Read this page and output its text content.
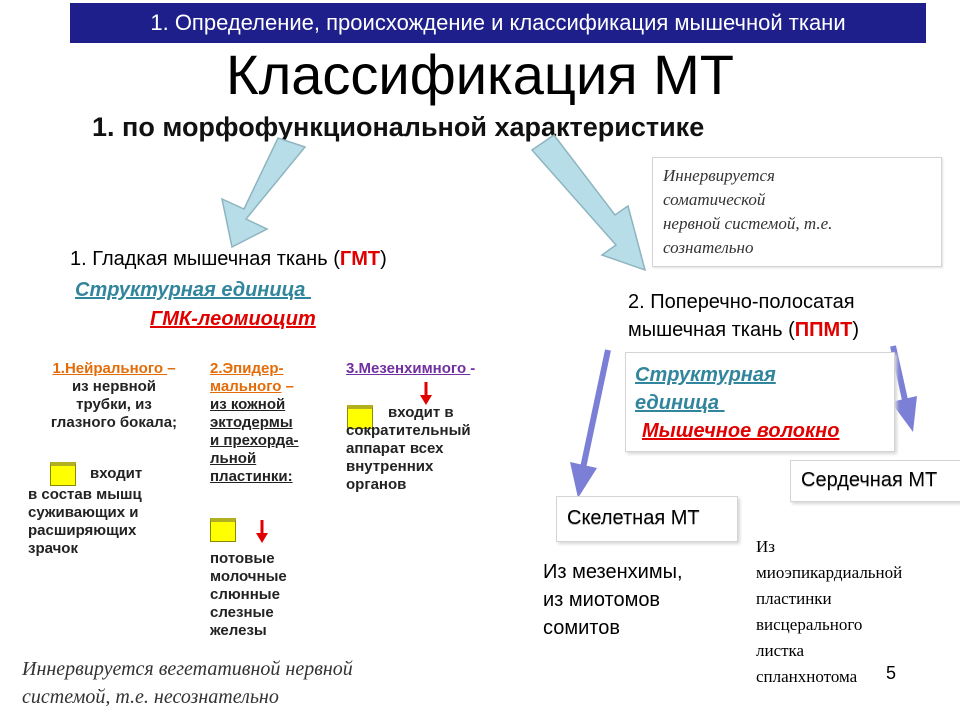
1. Определение, происхождение и классификация мышечной ткани
Классификация МТ
1. по морфофункциональной характеристике
Иннервируется
соматической
нервной системой, т.е.
сознательно
1. Гладкая мышечная ткань (ГМТ)
Структурная единица
ГМК-леомиоцит
1.Нейрального –
из нервной
трубки, из
глазного бокала;
входит
в состав мышц
суживающих и
расширяющих
зрачок
2.Эпидер-
мального –
из кожной
эктодермы
и прехорда-
льной
пластинки:
потовые
молочные
слюнные
слезные
железы
3.Мезенхимного -
входит в
сократительный
аппарат всех
внутренних
органов
2. Поперечно-полосатая
мышечная ткань (ППМТ)
Структурная
единица
Мышечное волокно
Скелетная МТ
Сердечная МТ
Из мезенхимы,
из миотомов
сомитов
Из
миоэпикардиальной
пластинки
висцерального
листка
спланхнотома
Иннервируется вегетативной нервной
системой, т.е. несознательно
5
